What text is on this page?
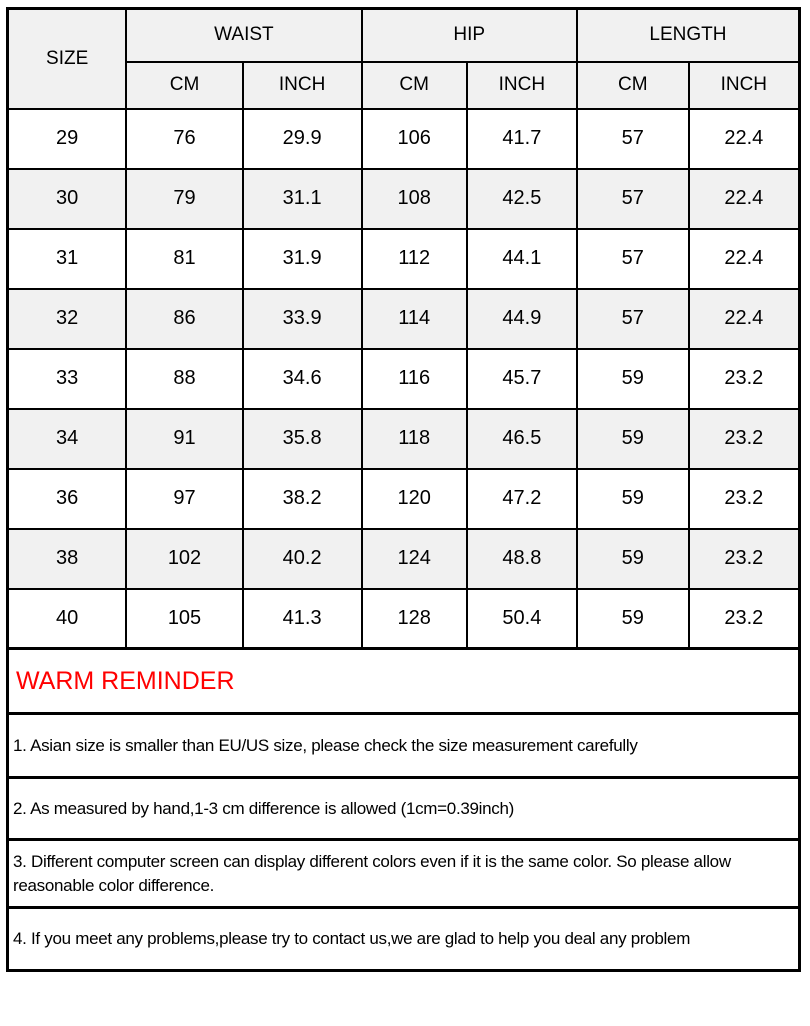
SIZE	WAIST		HIP		LENGTH	
	CM	INCH	CM	INCH	CM	INCH
29	76	29.9	106	41.7	57	22.4
30	79	31.1	108	42.5	57	22.4
31	81	31.9	112	44.1	57	22.4
32	86	33.9	114	44.9	57	22.4
33	88	34.6	116	45.7	59	23.2
34	91	35.8	118	46.5	59	23.2
36	97	38.2	120	47.2	59	23.2
38	102	40.2	124	48.8	59	23.2
40	105	41.3	128	50.4	59	23.2
WARM REMINDER
1. Asian size is smaller than EU/US size, please check the size measurement carefully
2. As measured by hand,1-3 cm difference is allowed (1cm=0.39inch)
3. Different computer screen can display different colors even if it is the same color. So please allow reasonable color difference.
4. If you meet any problems,please try to contact us,we are glad to help you deal any problem
